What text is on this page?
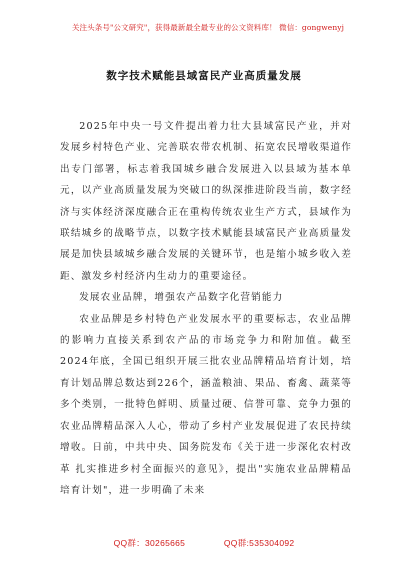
关注头条号"公文研究"，获得最新最全最专业的公文资料库！ 微信：gongwenyj
数字技术赋能县域富民产业高质量发展

2025年中央一号文件提出着力壮大县域富民产业，并对发展乡村特色产业、完善联农带农机制、拓宽农民增收渠道作出专门部署，标志着我国城乡融合发展进入以县域为基本单元，以产业高质量发展为突破口的纵深推进阶段当前，数字经济与实体经济深度融合正在重构传统农业生产方式，县域作为联结城乡的战略节点，以数字技术赋能县域富民产业高质量发展是加快县域城乡融合发展的关键环节，也是缩小城乡收入差距、激发乡村经济内生动力的重要途径。

发展农业品牌，增强农产品数字化营销能力

农业品牌是乡村特色产业发展水平的重要标志，农业品牌的影响力直接关系到农产品的市场竞争力和附加值。截至2024年底，全国已组织开展三批农业品牌精品培育计划，培育计划品牌总数达到226个，涵盖粮油、果品、畜禽、蔬菜等多个类别，一批特色鲜明、质量过硬、信誉可靠、竞争力强的农业品牌精品深入人心，带动了乡村产业发展促进了农民持续增收。日前，中共中央、国务院发布《关于进一步深化农村改革 扎实推进乡村全面振兴的意见》，提出"实施农业品牌精品培育计划"，进一步明确了未来

QQ群：30265665	QQ群:535304092
